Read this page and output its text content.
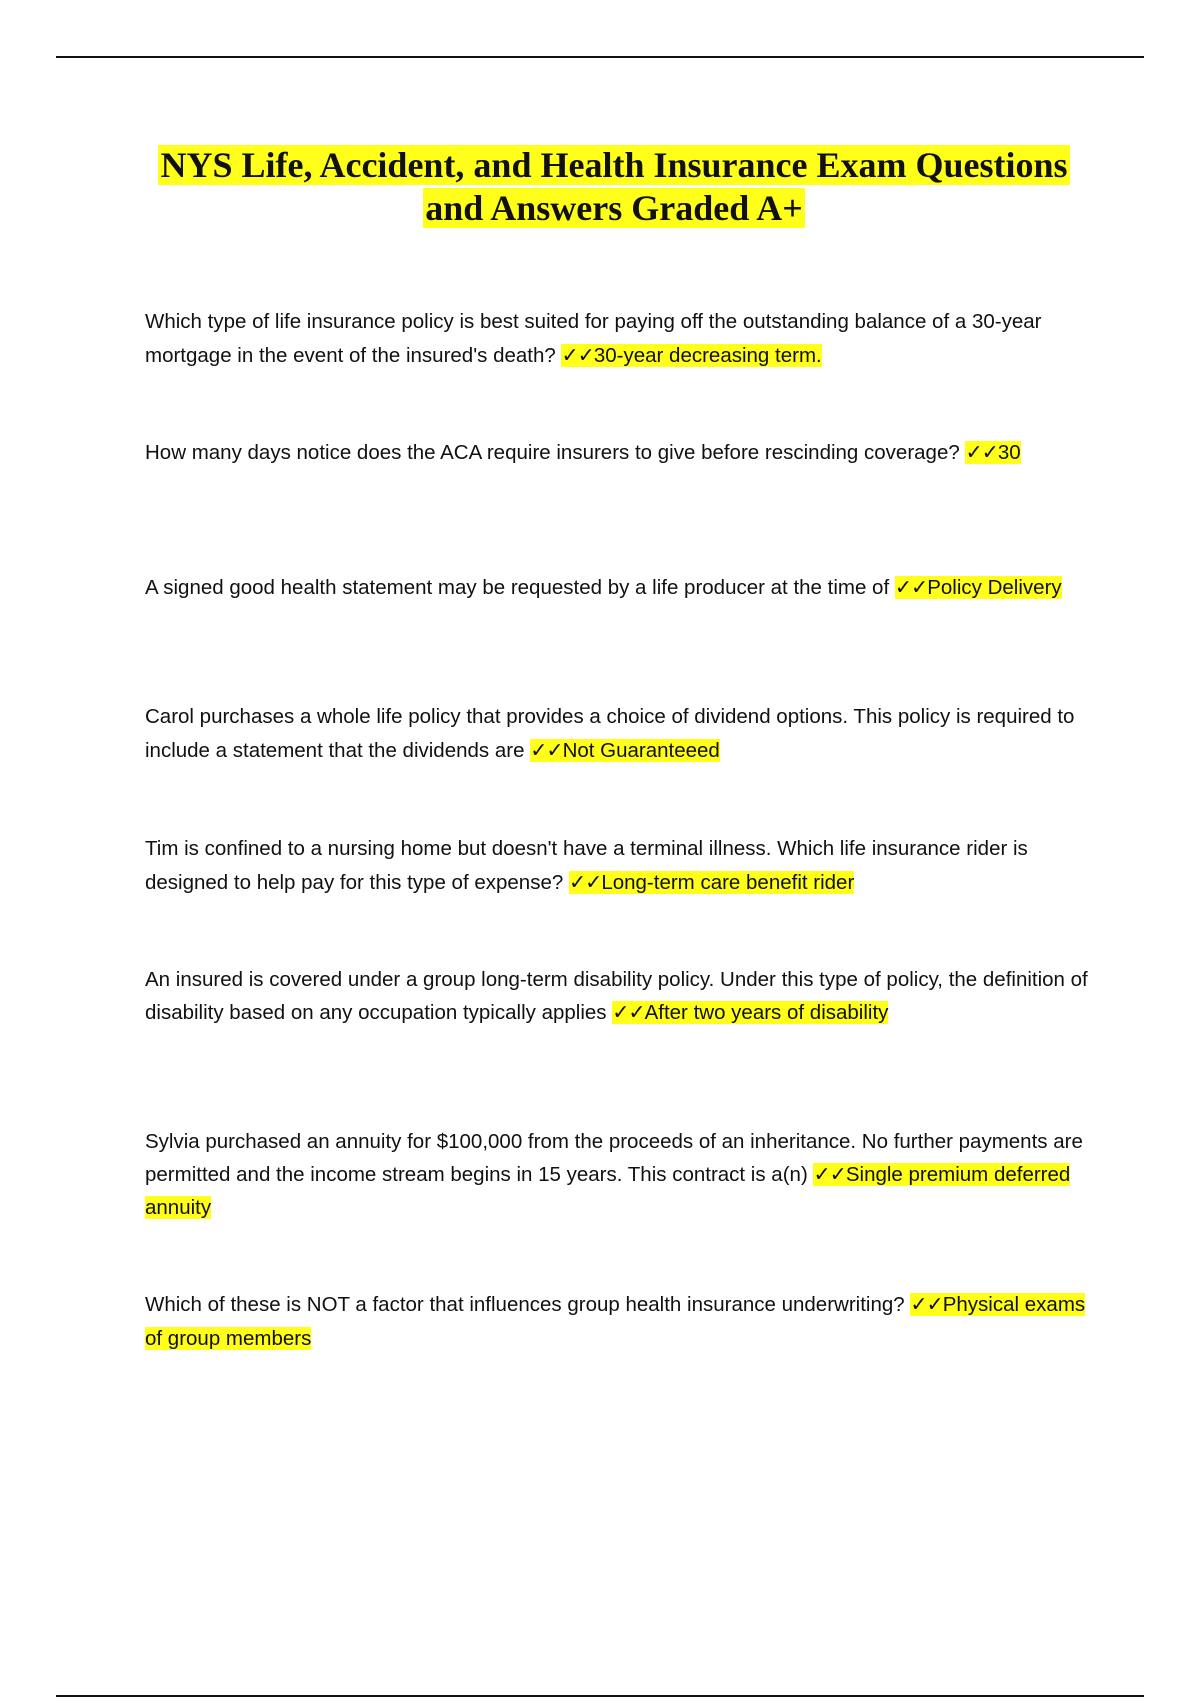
NYS Life, Accident, and Health Insurance Exam Questions and Answers Graded A+

Which type of life insurance policy is best suited for paying off the outstanding balance of a 30-year mortgage in the event of the insured's death? ✓✓30-year decreasing term.

How many days notice does the ACA require insurers to give before rescinding coverage? ✓✓30

A signed good health statement may be requested by a life producer at the time of ✓✓Policy Delivery

Carol purchases a whole life policy that provides a choice of dividend options. This policy is required to include a statement that the dividends are ✓✓Not Guaranteeed

Tim is confined to a nursing home but doesn't have a terminal illness. Which life insurance rider is designed to help pay for this type of expense? ✓✓Long-term care benefit rider

An insured is covered under a group long-term disability policy. Under this type of policy, the definition of disability based on any occupation typically applies ✓✓After two years of disability

Sylvia purchased an annuity for $100,000 from the proceeds of an inheritance. No further payments are permitted and the income stream begins in 15 years. This contract is a(n) ✓✓Single premium deferred annuity

Which of these is NOT a factor that influences group health insurance underwriting? ✓✓Physical exams of group members
